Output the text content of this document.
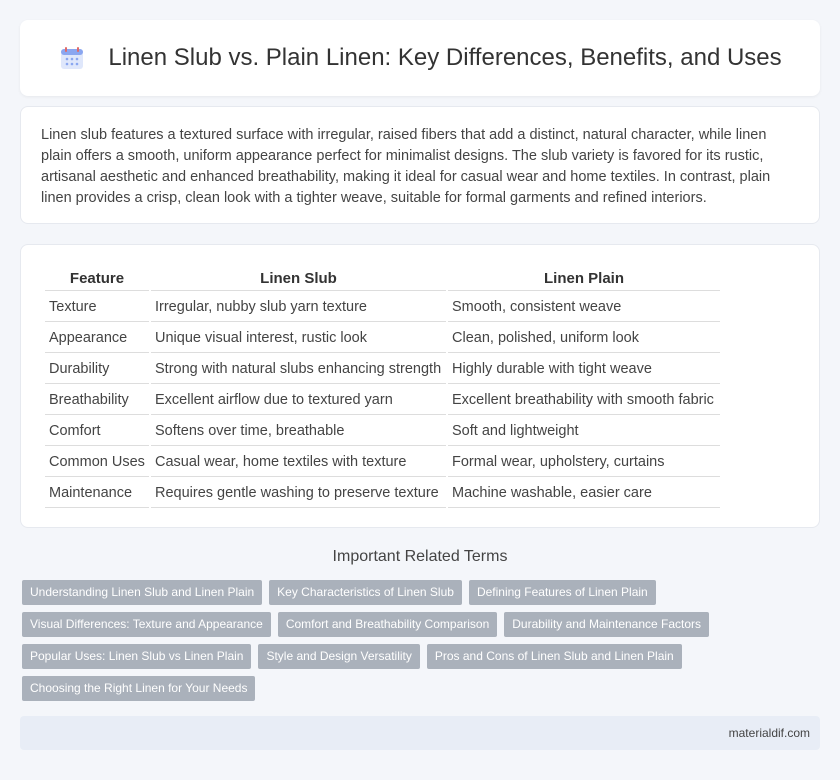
Linen Slub vs. Plain Linen: Key Differences, Benefits, and Uses
Linen slub features a textured surface with irregular, raised fibers that add a distinct, natural character, while linen plain offers a smooth, uniform appearance perfect for minimalist designs. The slub variety is favored for its rustic, artisanal aesthetic and enhanced breathability, making it ideal for casual wear and home textiles. In contrast, plain linen provides a crisp, clean look with a tighter weave, suitable for formal garments and refined interiors.
Feature	Linen Slub	Linen Plain
Texture	Irregular, nubby slub yarn texture	Smooth, consistent weave
Appearance	Unique visual interest, rustic look	Clean, polished, uniform look
Durability	Strong with natural slubs enhancing strength	Highly durable with tight weave
Breathability	Excellent airflow due to textured yarn	Excellent breathability with smooth fabric
Comfort	Softens over time, breathable	Soft and lightweight
Common Uses	Casual wear, home textiles with texture	Formal wear, upholstery, curtains
Maintenance	Requires gentle washing to preserve texture	Machine washable, easier care
Important Related Terms
Understanding Linen Slub and Linen Plain	Key Characteristics of Linen Slub	Defining Features of Linen Plain
Visual Differences: Texture and Appearance	Comfort and Breathability Comparison	Durability and Maintenance Factors
Popular Uses: Linen Slub vs Linen Plain	Style and Design Versatility	Pros and Cons of Linen Slub and Linen Plain
Choosing the Right Linen for Your Needs
materialdif.com
